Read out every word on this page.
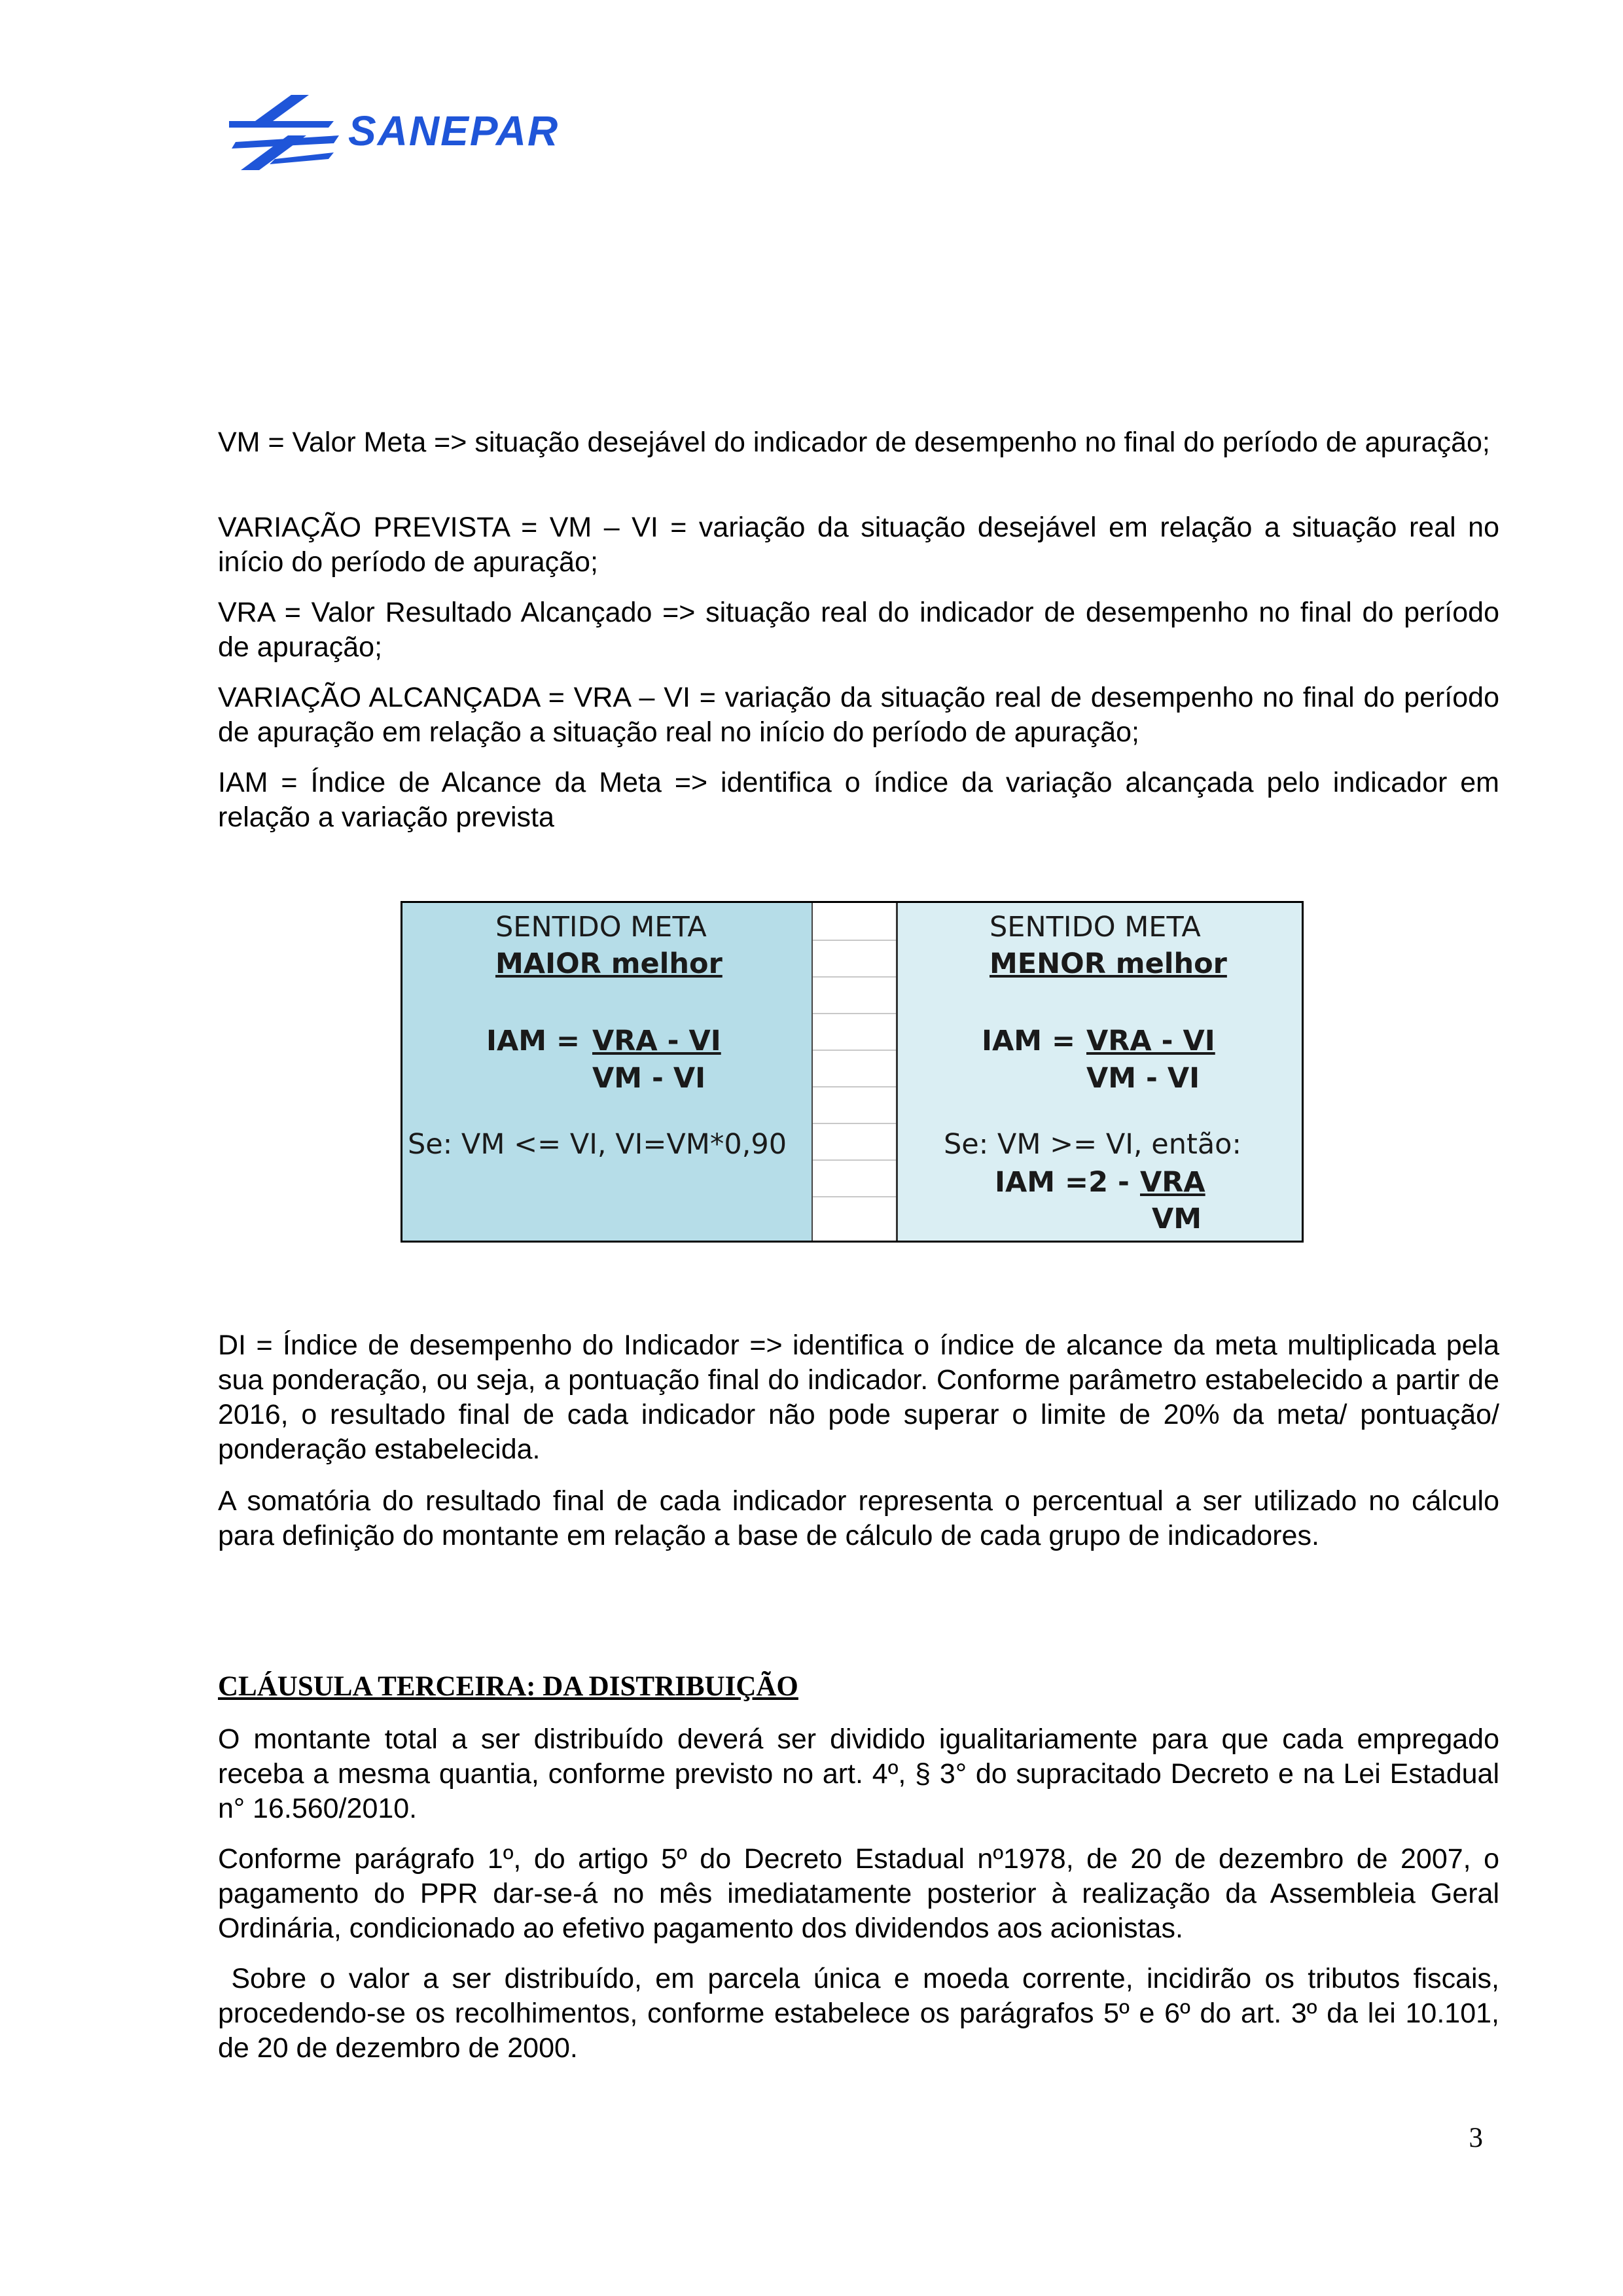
SANEPAR

VM = Valor Meta => situação desejável do indicador de desempenho no final do período de apuração;

VARIAÇÃO PREVISTA = VM – VI = variação da situação desejável em relação a situação real no início do período de apuração;

VRA = Valor Resultado Alcançado => situação real do indicador de desempenho no final do período de apuração;

VARIAÇÃO ALCANÇADA = VRA – VI = variação da situação real de desempenho no final do período de apuração em relação a situação real no início do período de apuração;

IAM = Índice de Alcance da Meta => identifica o índice da variação alcançada pelo indicador em relação a variação prevista

SENTIDO META
MAIOR melhor
IAM = VRA - VI
VM - VI
Se: VM <= VI, VI=VM*0,90
SENTIDO META
MENOR melhor
IAM = VRA - VI
VM - VI
Se: VM >= VI, então:
IAM =2 - VRA
VM

DI = Índice de desempenho do Indicador => identifica o índice de alcance da meta multiplicada pela sua ponderação, ou seja, a pontuação final do indicador. Conforme parâmetro estabelecido a partir de 2016, o resultado final de cada indicador não pode superar o limite de 20% da meta/ pontuação/ ponderação estabelecida.

A somatória do resultado final de cada indicador representa o percentual a ser utilizado no cálculo para definição do montante em relação a base de cálculo de cada grupo de indicadores.

CLÁUSULA TERCEIRA: DA DISTRIBUIÇÃO

O montante total a ser distribuído deverá ser dividido igualitariamente para que cada empregado receba a mesma quantia, conforme previsto no art. 4º, § 3° do supracitado Decreto e na Lei Estadual n° 16.560/2010.

Conforme parágrafo 1º, do artigo 5º do Decreto Estadual nº1978, de 20 de dezembro de 2007, o pagamento do PPR dar-se-á no mês imediatamente posterior à realização da Assembleia Geral Ordinária, condicionado ao efetivo pagamento dos dividendos aos acionistas.

Sobre o valor a ser distribuído, em parcela única e moeda corrente, incidirão os tributos fiscais, procedendo-se os recolhimentos, conforme estabelece os parágrafos 5º e 6º do art. 3º da lei 10.101, de 20 de dezembro de 2000.

3
